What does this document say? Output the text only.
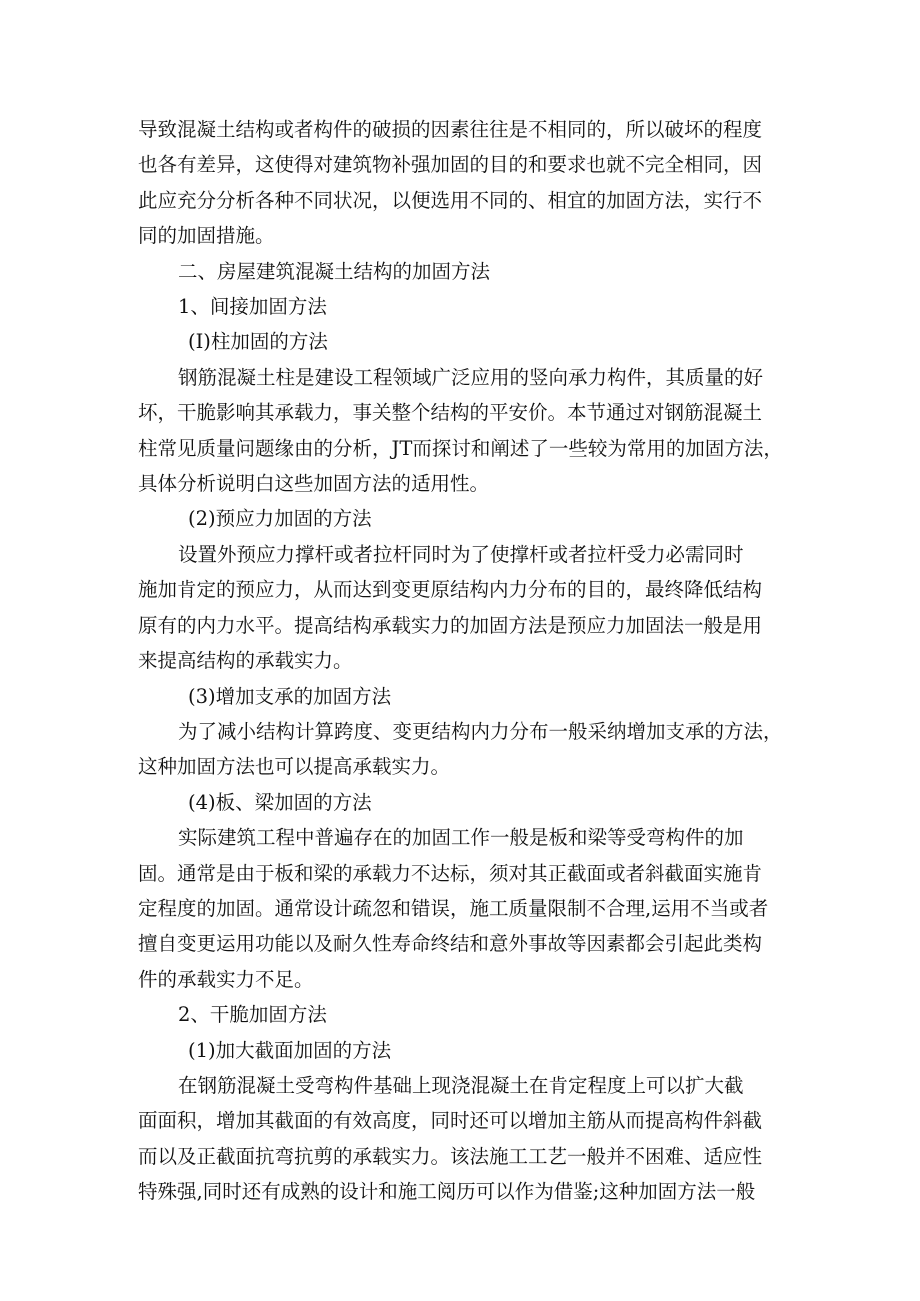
导致混凝土结构或者构件的破损的因素往往是不相同的，所以破坏的程度

也各有差异，这使得对建筑物补强加固的目的和要求也就不完全相同，因

此应充分分析各种不同状况，以便选用不同的、相宜的加固方法，实行不

同的加固措施。

二、房屋建筑混凝土结构的加固方法

1、间接加固方法

(I)柱加固的方法

钢筋混凝土柱是建设工程领域广泛应用的竖向承力构件，其质量的好

坏，干脆影响其承载力，事关整个结构的平安价。本节通过对钢筋混凝土

柱常见质量问题缘由的分析，JT而探讨和阐述了一些较为常用的加固方法，

具体分析说明白这些加固方法的适用性。

(2)预应力加固的方法

设置外预应力撑杆或者拉杆同时为了使撑杆或者拉杆受力必需同时

施加肯定的预应力，从而达到变更原结构内力分布的目的，最终降低结构

原有的内力水平。提高结构承载实力的加固方法是预应力加固法一般是用

来提高结构的承载实力。

(3)增加支承的加固方法

为了减小结构计算跨度、变更结构内力分布一般采纳增加支承的方法，

这种加固方法也可以提高承载实力。

(4)板、梁加固的方法

实际建筑工程中普遍存在的加固工作一般是板和梁等受弯构件的加

固。通常是由于板和梁的承载力不达标，须对其正截面或者斜截面实施肯

定程度的加固。通常设计疏忽和错误，施工质量限制不合理,运用不当或者

擅自变更运用功能以及耐久性寿命终结和意外事故等因素都会引起此类构

件的承载实力不足。

2、干脆加固方法

(1)加大截面加固的方法

在钢筋混凝土受弯构件基础上现浇混凝土在肯定程度上可以扩大截

面面积，增加其截面的有效高度，同时还可以增加主筋从而提高构件斜截

而以及正截面抗弯抗剪的承载实力。该法施工工艺一般并不困难、适应性

特殊强,同时还有成熟的设计和施工阅历可以作为借鉴;这种加固方法一般
